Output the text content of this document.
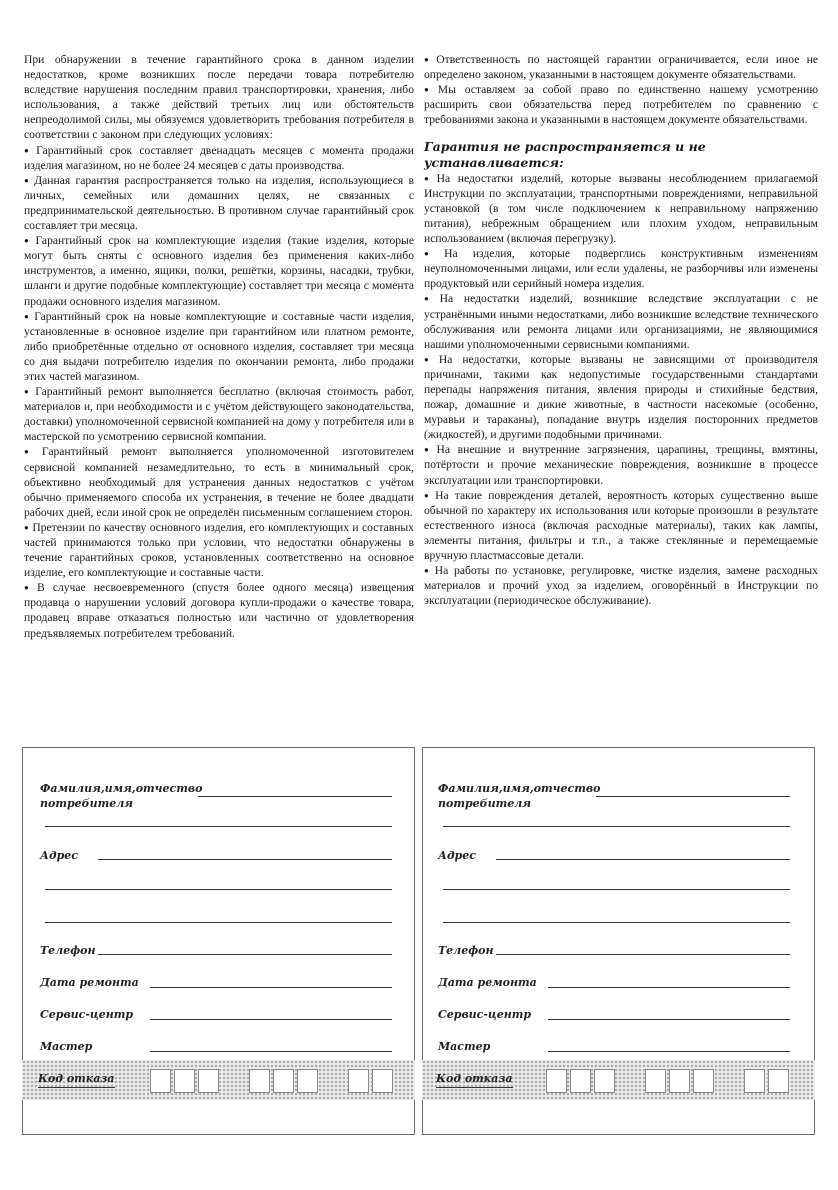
При обнаружении в течение гарантийного срока в данном изделии недостатков, кроме возникших после передачи товара потребителю вследствие нарушения последним правил транспортировки, хранения, либо использования, а также действий третьих лиц или обстоятельств непреодолимой силы, мы обязуемся удовлетворить требования потребителя в соответствии с законом при следующих условиях:

● Гарантийный срок составляет двенадцать месяцев с момента продажи изделия магазином, но не более 24 месяцев с даты производства.

● Данная гарантия распространяется только на изделия, использующиеся в личных, семейных или домашних целях, не связанных с предпринимательской деятельностью. В противном случае гарантийный срок составляет три месяца.

● Гарантийный срок на комплектующие изделия (такие изделия, которые могут быть сняты с основного изделия без применения каких-либо инструментов, а именно, ящики, полки, решётки, корзины, насадки, трубки, шланги и другие подобные комплектующие) составляет три месяца с момента продажи основного изделия магазином.

● Гарантийный срок на новые комплектующие и составные части изделия, установленные в основное изделие при гарантийном или платном ремонте, либо приобретённые отдельно от основного изделия, составляет три месяца со дня выдачи потребителю изделия по окончании ремонта, либо продажи этих частей магазином.

● Гарантийный ремонт выполняется бесплатно (включая стоимость работ, материалов и, при необходимости и с учётом действующего законодательства, доставки) уполномоченной сервисной компанией на дому у потребителя или в мастерской по усмотрению сервисной компании.

● Гарантийный ремонт выполняется уполномоченной изготовителем сервисной компанией незамедлительно, то есть в минимальный срок, объективно необходимый для устранения данных недостатков с учётом обычно применяемого способа их устранения, в течение не более двадцати рабочих дней, если иной срок не определён письменным соглашением сторон.

● Претензии по качеству основного изделия, его комплектующих и составных частей принимаются только при условии, что недостатки обнаружены в течение гарантийных сроков, установленных соответственно на основное изделие, его комплектующие и составные части.

● В случае несвоевременного (спустя более одного месяца) извещения продавца о нарушении условий договора купли-продажи о качестве товара, продавец вправе отказаться полностью или частично от удовлетворения предъявляемых потребителем требований.

● Ответственность по настоящей гарантии ограничивается, если иное не определено законом, указанными в настоящем документе обязательствами.

● Мы оставляем за собой право по единственно нашему усмотрению расширить свои обязательства перед потребителем по сравнению с требованиями закона и указанными в настоящем документе обязательствами.

Гарантия не распространяется и не устанавливается:

● На недостатки изделий, которые вызваны несоблюдением прилагаемой Инструкции по эксплуатации, транспортными повреждениями, неправильной установкой (в том числе подключением к неправильному напряжению питания), небрежным обращением или плохим уходом, неправильным использованием (включая перегрузку).

● На изделия, которые подверглись конструктивным изменениям неуполномоченными лицами, или если удалены, не разборчивы или изменены продуктовый или серийный номера изделия.

● На недостатки изделий, возникшие вследствие эксплуатации с не устранёнными иными недостатками, либо возникшие вследствие технического обслуживания или ремонта лицами или организациями, не являющимися нашими уполномоченными сервисными компаниями.

● На недостатки, которые вызваны не зависящими от производителя причинами, такими как недопустимые государственными стандартами перепады напряжения питания, явления природы и стихийные бедствия, пожар, домашние и дикие животные, в частности насекомые (особенно, муравьи и тараканы), попадание внутрь изделия посторонних предметов (жидкостей), и другими подобными причинами.

● На внешние и внутренние загрязнения, царапины, трещины, вмятины, потёртости и прочие механические повреждения, возникшие в процессе эксплуатации или транспортировки.

● На такие повреждения деталей, вероятность которых существенно выше обычной по характеру их использования или которые произошли в результате естественного износа (включая расходные материалы), таких как лампы, элементы питания, фильтры и т.п., а также стеклянные и перемещаемые вручную пластмассовые детали.

● На работы по установке, регулировке, чистке изделия, замене расходных материалов и прочий уход за изделием, оговорённый в Инструкции по эксплуатации (периодическое обслуживание).

Фамилия,имя,отчество
потребителя
Адрес
Телефон
Дата ремонта
Сервис-центр
Мастер
Код отказа
Фамилия,имя,отчество
потребителя
Адрес
Телефон
Дата ремонта
Сервис-центр
Мастер
Код отказа
